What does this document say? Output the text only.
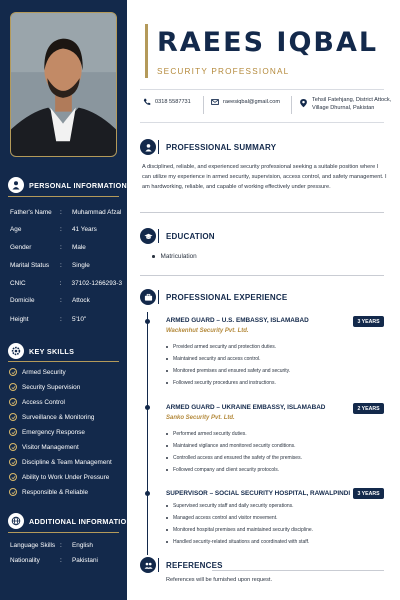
PERSONAL INFORMATION
Father's Name	:	Muhammad Afzal
Age	:	41 Years
Gender	:	Male
Marital Status	:	Single
CNIC	:	37102-1266293-3
Domicile	:	Attock
Height	:	5'10"
KEY SKILLS
Armed Security
Security Supervision
Access Control
Surveillance & Monitoring
Emergency Response
Visitor Management
Discipline & Team Management
Ability to Work Under Pressure
Responsible & Reliable
ADDITIONAL INFORMATION
Language Skills :	English
Nationality	:	Pakistani
RAEES IQBAL
SECURITY PROFESSIONAL
0318 5587731	raeesiqbal@gmail.com	Tehsil Fatehjang, District Attock,
Village Dhurnal, Pakistan
PROFESSIONAL SUMMARY
A disciplined, reliable, and experienced security professional seeking a suitable position where I can utilize my experience in armed security, supervision, access control, and safety management. I am hardworking, reliable, and capable of working effectively under pressure.
EDUCATION
Matriculation
PROFESSIONAL EXPERIENCE
ARMED GUARD – U.S. EMBASSY, ISLAMABAD
Wackenhut Security Pvt. Ltd.
3 YEARS
Provided armed security and protection duties.
Maintained security and access control.
Monitored premises and ensured safety and security.
Followed security procedures and instructions.
ARMED GUARD – UKRAINE EMBASSY, ISLAMABAD
Sanko Security Pvt. Ltd.
2 YEARS
Performed armed security duties.
Maintained vigilance and monitored security conditions.
Controlled access and ensured the safety of the premises.
Followed company and client security protocols.
SUPERVISOR – SOCIAL SECURITY HOSPITAL, RAWALPINDI	3 YEARS
Supervised security staff and daily security operations.
Managed access control and visitor movement.
Monitored hospital premises and maintained security discipline.
Handled security-related situations and coordinated with staff.
REFERENCES
References will be furnished upon request.
